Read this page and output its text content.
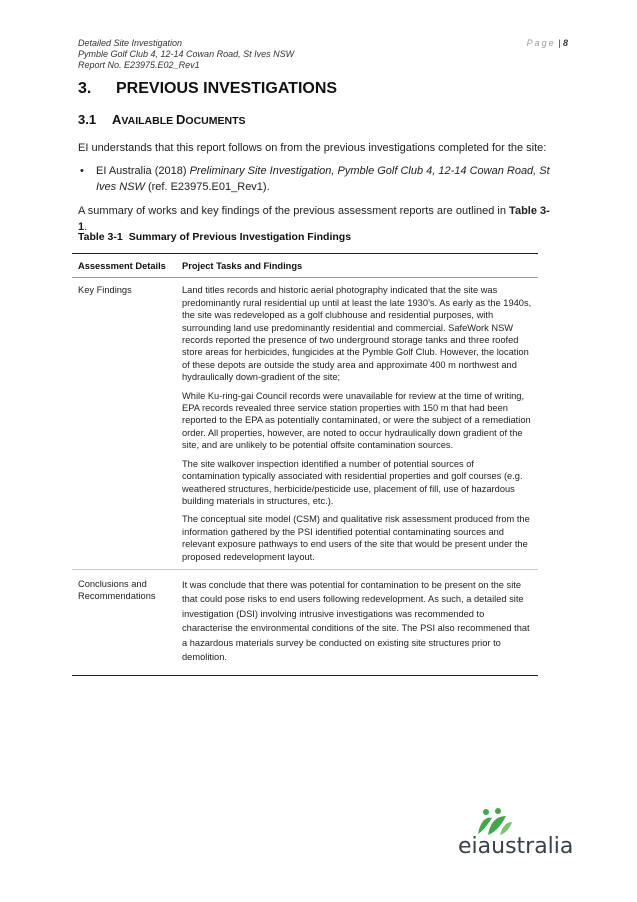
Detailed Site Investigation
Pymble Golf Club 4, 12-14 Cowan Road, St Ives NSW
Report No. E23975.E02_Rev1
Page | 8
3. PREVIOUS INVESTIGATIONS
3.1 AVAILABLE DOCUMENTS

EI understands that this report follows on from the previous investigations completed for the site:

• EI Australia (2018) Preliminary Site Investigation, Pymble Golf Club 4, 12-14 Cowan Road, St Ives NSW (ref. E23975.E01_Rev1).

A summary of works and key findings of the previous assessment reports are outlined in Table 3-1.

Table 3-1 Summary of Previous Investigation Findings
Assessment Details	Project Tasks and Findings
Key Findings	Land titles records and historic aerial photography indicated that the site was predominantly rural residential up until at least the late 1930’s. As early as the 1940s, the site was redeveloped as a golf clubhouse and residential purposes, with surrounding land use predominantly residential and commercial. SafeWork NSW records reported the presence of two underground storage tanks and three roofed store areas for herbicides, fungicides at the Pymble Golf Club. However, the location of these depots are outside the study area and approximate 400 m northwest and hydraulically down-gradient of the site;

While Ku-ring-gai Council records were unavailable for review at the time of writing, EPA records revealed three service station properties with 150 m that had been reported to the EPA as potentially contaminated, or were the subject of a remediation order. All properties, however, are noted to occur hydraulically down gradient of the site, and are unlikely to be potential offsite contamination sources.

The site walkover inspection identified a number of potential sources of contamination typically associated with residential properties and golf courses (e.g. weathered structures, herbicide/pesticide use, placement of fill, use of hazardous building materials in structures, etc.).

The conceptual site model (CSM) and qualitative risk assessment produced from the information gathered by the PSI identified potential contaminating sources and relevant exposure pathways to end users of the site that would be present under the proposed redevelopment layout.

Conclusions and Recommendations	It was conclude that there was potential for contamination to be present on the site that could pose risks to end users following redevelopment. As such, a detailed site investigation (DSI) involving intrusive investigations was recommended to characterise the environmental conditions of the site. The PSI also recommened that a hazardous materials survey be conducted on existing site structures prior to demolition.

eiaustralia
